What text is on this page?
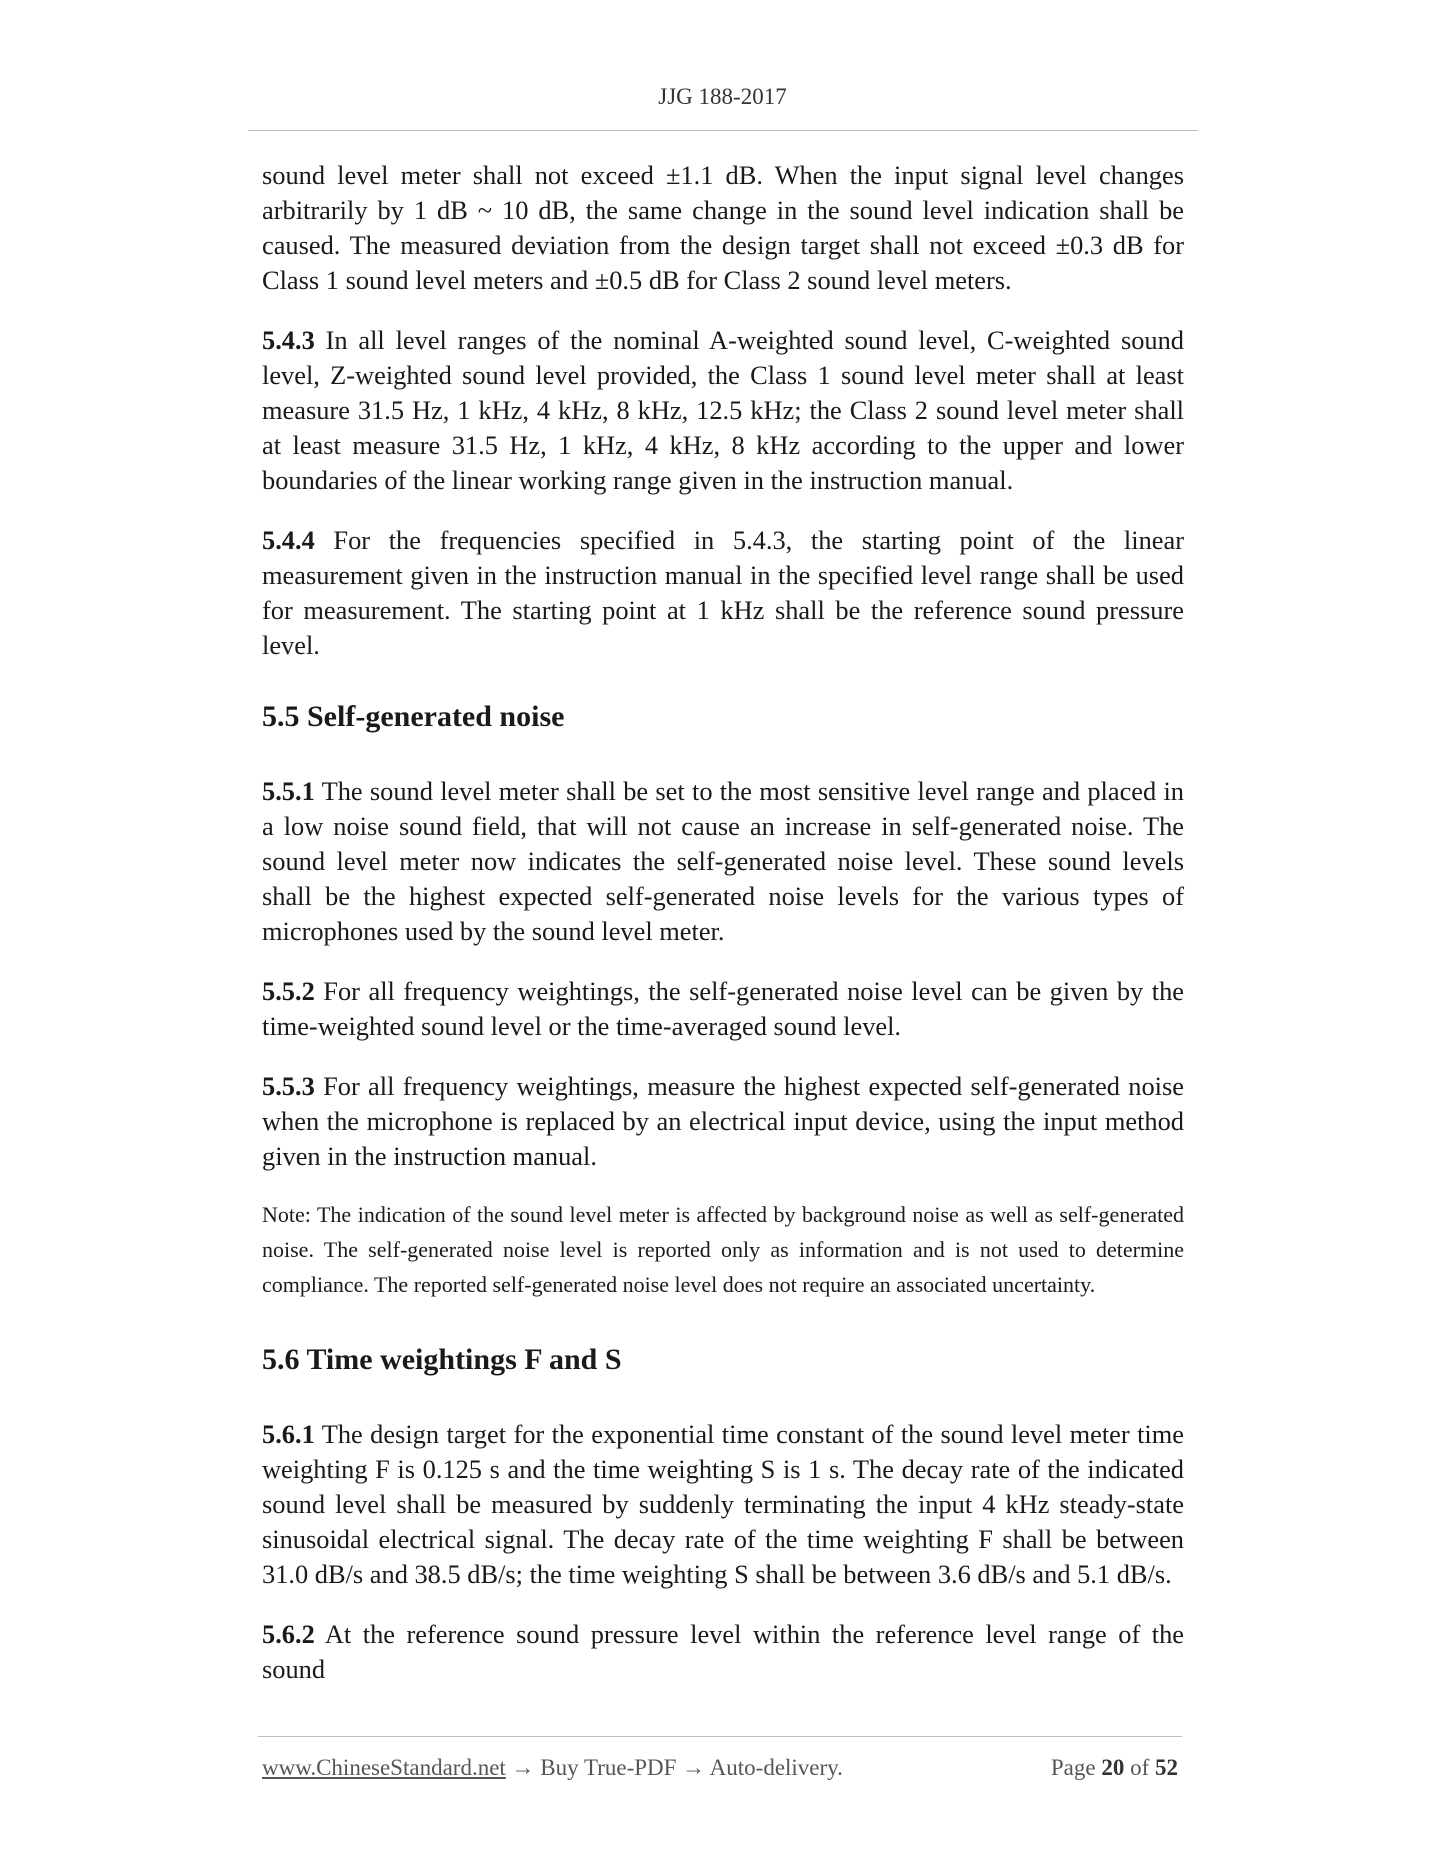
JJG 188-2017

sound level meter shall not exceed ±1.1 dB. When the input signal level changes arbitrarily by 1 dB ~ 10 dB, the same change in the sound level indication shall be caused. The measured deviation from the design target shall not exceed ±0.3 dB for Class 1 sound level meters and ±0.5 dB for Class 2 sound level meters.

5.4.3 In all level ranges of the nominal A-weighted sound level, C-weighted sound level, Z-weighted sound level provided, the Class 1 sound level meter shall at least measure 31.5 Hz, 1 kHz, 4 kHz, 8 kHz, 12.5 kHz; the Class 2 sound level meter shall at least measure 31.5 Hz, 1 kHz, 4 kHz, 8 kHz according to the upper and lower boundaries of the linear working range given in the instruction manual.

5.4.4 For the frequencies specified in 5.4.3, the starting point of the linear measurement given in the instruction manual in the specified level range shall be used for measurement. The starting point at 1 kHz shall be the reference sound pressure level.

5.5 Self-generated noise

5.5.1 The sound level meter shall be set to the most sensitive level range and placed in a low noise sound field, that will not cause an increase in self-generated noise. The sound level meter now indicates the self-generated noise level. These sound levels shall be the highest expected self-generated noise levels for the various types of microphones used by the sound level meter.

5.5.2 For all frequency weightings, the self-generated noise level can be given by the time-weighted sound level or the time-averaged sound level.

5.5.3 For all frequency weightings, measure the highest expected self-generated noise when the microphone is replaced by an electrical input device, using the input method given in the instruction manual.

Note: The indication of the sound level meter is affected by background noise as well as self-generated noise. The self-generated noise level is reported only as information and is not used to determine compliance. The reported self-generated noise level does not require an associated uncertainty.

5.6 Time weightings F and S

5.6.1 The design target for the exponential time constant of the sound level meter time weighting F is 0.125 s and the time weighting S is 1 s. The decay rate of the indicated sound level shall be measured by suddenly terminating the input 4 kHz steady-state sinusoidal electrical signal. The decay rate of the time weighting F shall be between 31.0 dB/s and 38.5 dB/s; the time weighting S shall be between 3.6 dB/s and 5.1 dB/s.

5.6.2 At the reference sound pressure level within the reference level range of the sound

www.ChineseStandard.net → Buy True-PDF → Auto-delivery.	Page 20 of 52
